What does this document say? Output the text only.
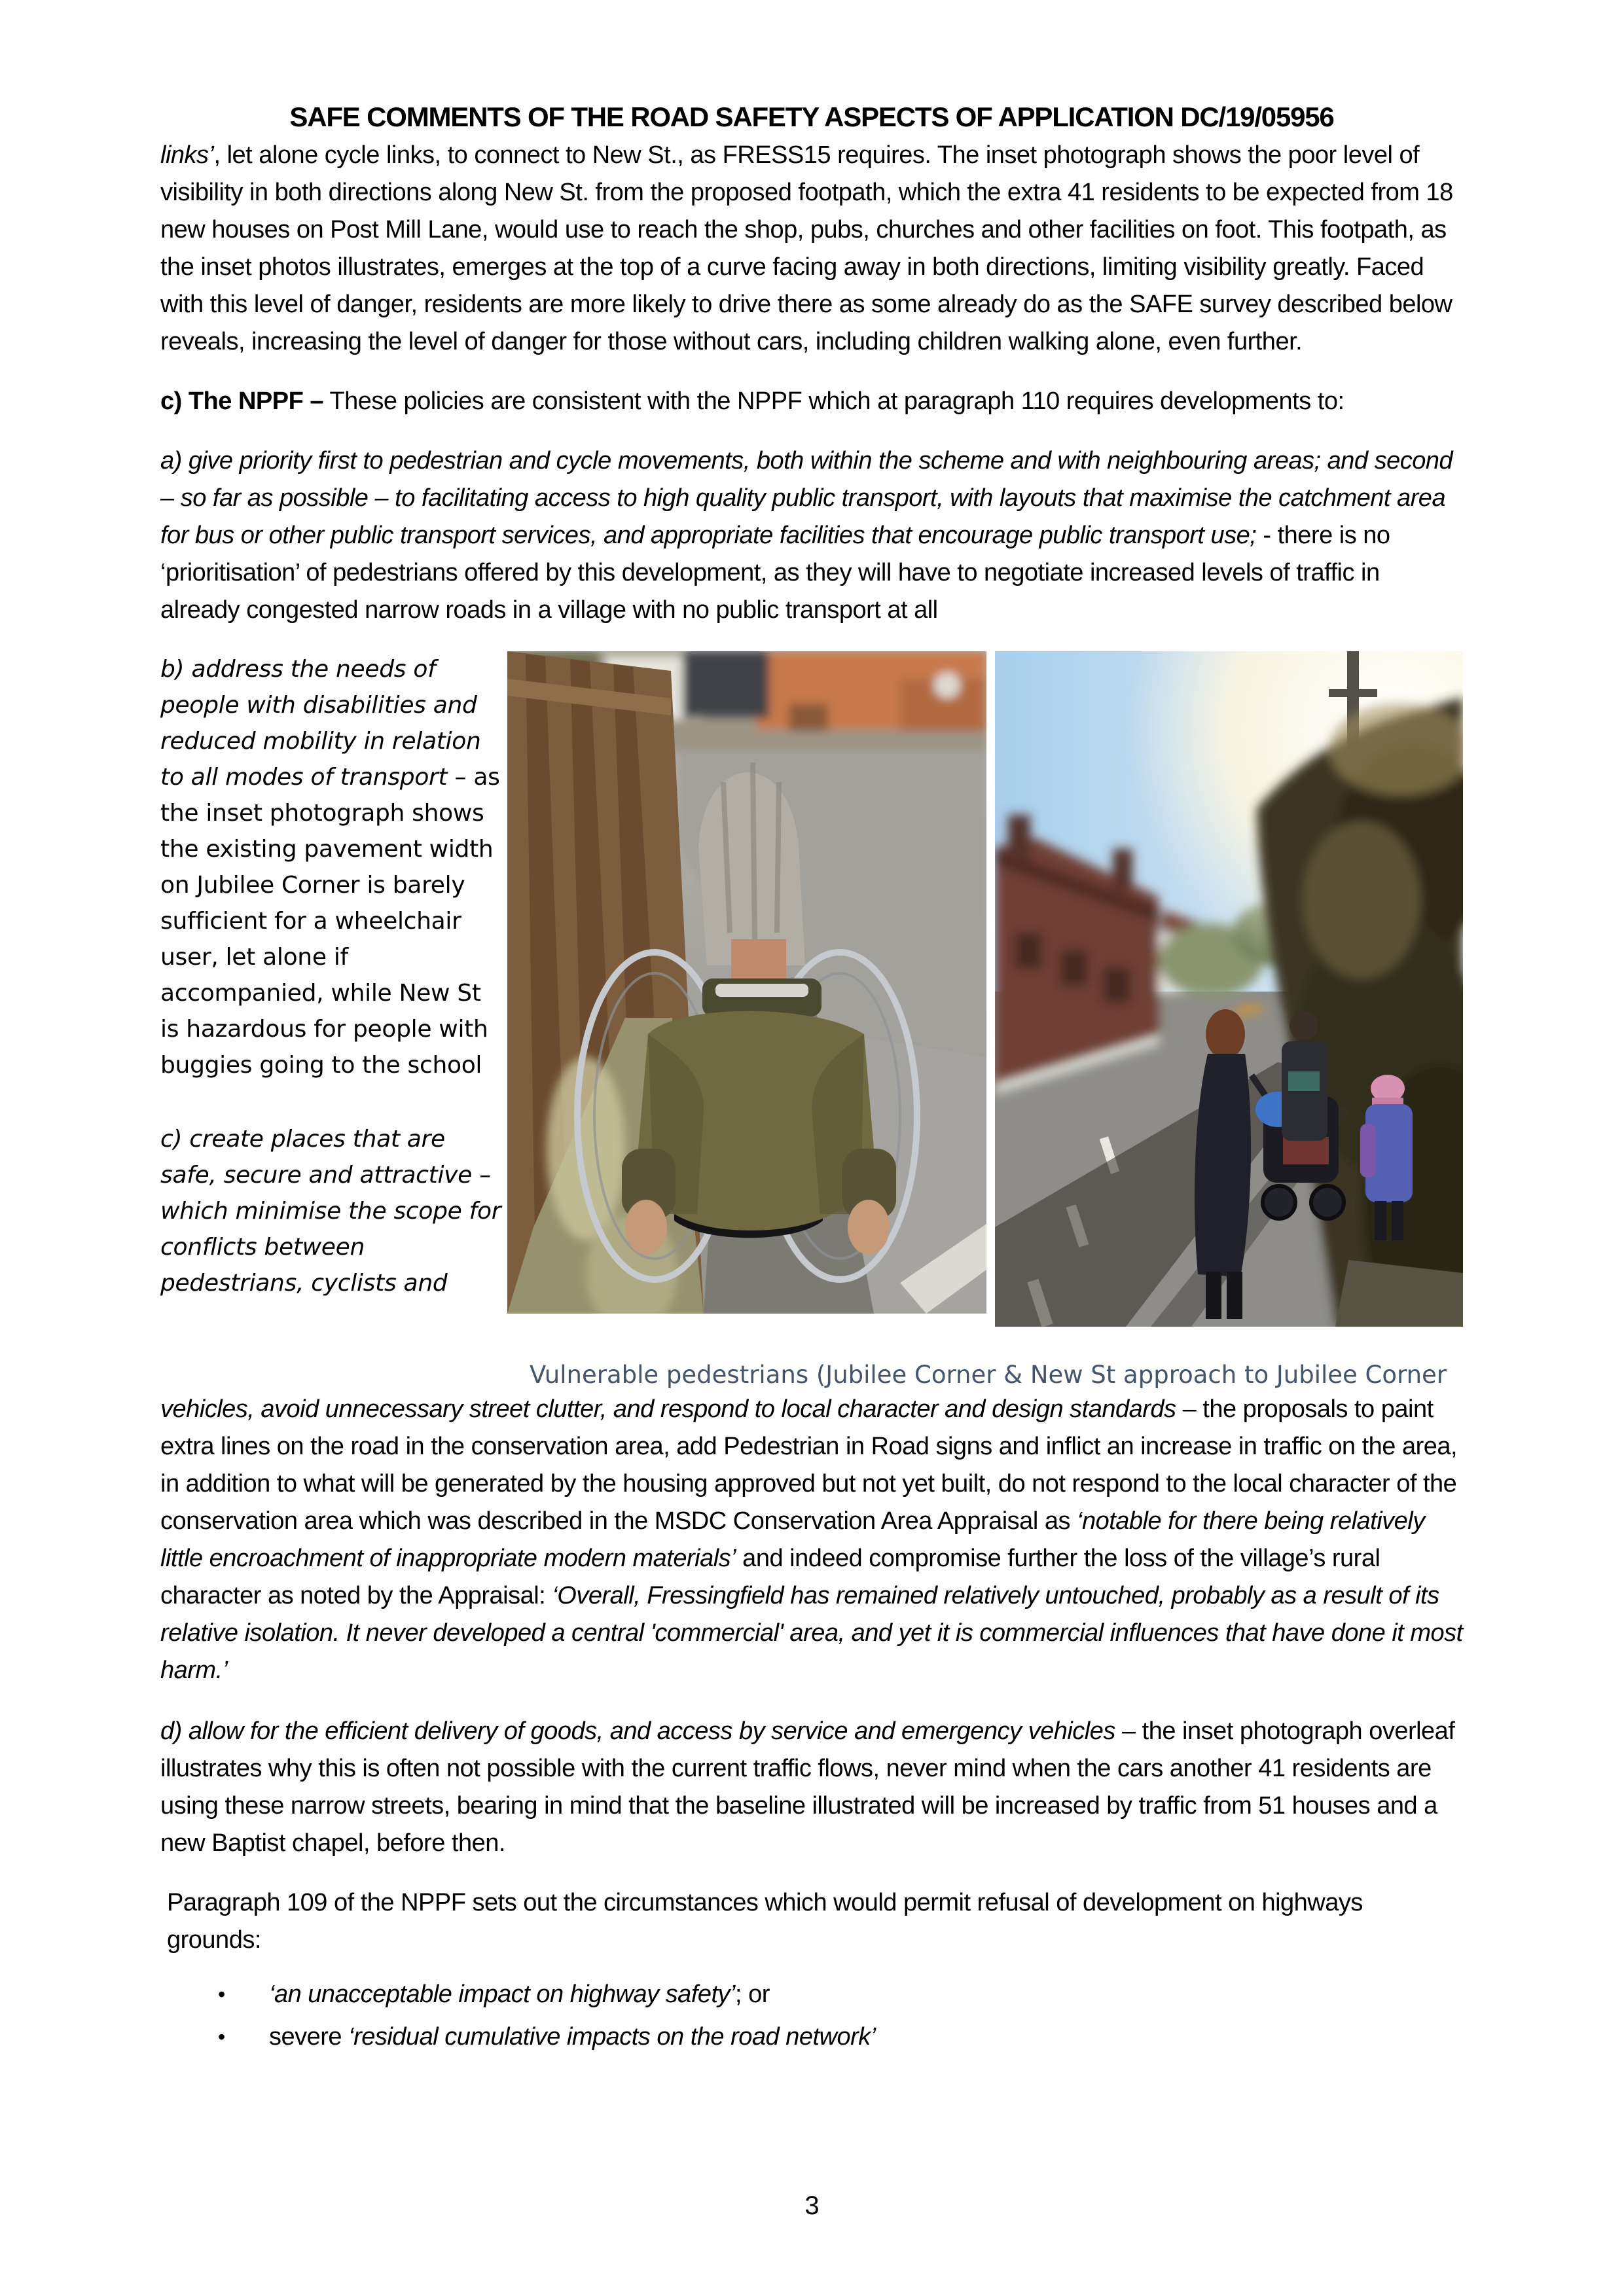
SAFE COMMENTS OF THE ROAD SAFETY ASPECTS OF APPLICATION DC/19/05956

links’, let alone cycle links, to connect to New St., as FRESS15 requires. The inset photograph shows the poor level of visibility in both directions along New St. from the proposed footpath, which the extra 41 residents to be expected from 18 new houses on Post Mill Lane, would use to reach the shop, pubs, churches and other facilities on foot. This footpath, as the inset photos illustrates, emerges at the top of a curve facing away in both directions, limiting visibility greatly. Faced with this level of danger, residents are more likely to drive there as some already do as the SAFE survey described below reveals, increasing the level of danger for those without cars, including children walking alone, even further.

c) The NPPF – These policies are consistent with the NPPF which at paragraph 110 requires developments to:

a) give priority first to pedestrian and cycle movements, both within the scheme and with neighbouring areas; and second – so far as possible – to facilitating access to high quality public transport, with layouts that maximise the catchment area for bus or other public transport services, and appropriate facilities that encourage public transport use; - there is no ‘prioritisation’ of pedestrians offered by this development, as they will have to negotiate increased levels of traffic in already congested narrow roads in a village with no public transport at all

b) address the needs of people with disabilities and reduced mobility in relation to all modes of transport – as the inset photograph shows the existing pavement width on Jubilee Corner is barely sufficient for a wheelchair user, let alone if accompanied, while New St is hazardous for people with buggies going to the school

c) create places that are safe, secure and attractive – which minimise the scope for conflicts between pedestrians, cyclists and

Vulnerable pedestrians (Jubilee Corner & New St approach to Jubilee Corner

vehicles, avoid unnecessary street clutter, and respond to local character and design standards – the proposals to paint extra lines on the road in the conservation area, add Pedestrian in Road signs and inflict an increase in traffic on the area, in addition to what will be generated by the housing approved but not yet built, do not respond to the local character of the conservation area which was described in the MSDC Conservation Area Appraisal as ‘notable for there being relatively little encroachment of inappropriate modern materials’ and indeed compromise further the loss of the village’s rural character as noted by the Appraisal: ‘Overall, Fressingfield has remained relatively untouched, probably as a result of its relative isolation. It never developed a central 'commercial' area, and yet it is commercial influences that have done it most harm.’

d) allow for the efficient delivery of goods, and access by service and emergency vehicles – the inset photograph overleaf illustrates why this is often not possible with the current traffic flows, never mind when the cars another 41 residents are using these narrow streets, bearing in mind that the baseline illustrated will be increased by traffic from 51 houses and a new Baptist chapel, before then.

Paragraph 109 of the NPPF sets out the circumstances which would permit refusal of development on highways grounds:

•	‘an unacceptable impact on highway safety’; or
•	severe ‘residual cumulative impacts on the road network’
3
